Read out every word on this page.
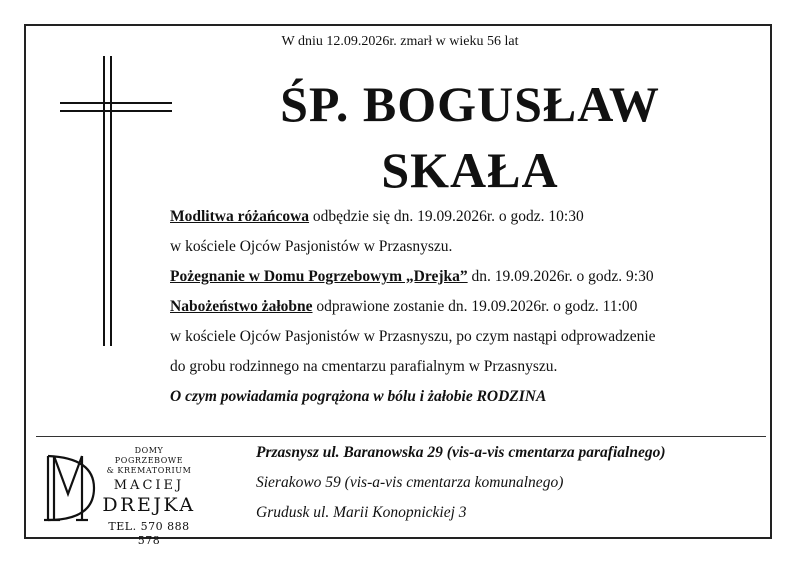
W dniu 12.09.2026r. zmarł w wieku 56 lat
ŚP. BOGUSŁAW
SKAŁA
Modlitwa różańcowa odbędzie się dn. 19.09.2026r. o godz. 10:30
w kościele Ojców Pasjonistów w Przasnyszu.
Pożegnanie w Domu Pogrzebowym „Drejka” dn. 19.09.2026r. o godz. 9:30
Nabożeństwo żałobne odprawione zostanie dn. 19.09.2026r. o godz. 11:00
w kościele Ojców Pasjonistów w Przasnyszu, po czym nastąpi odprowadzenie
do grobu rodzinnego na cmentarzu parafialnym w Przasnyszu.
O czym powiadamia pogrążona w bólu i żałobie RODZINA
DOMY POGRZEBOWE
& KREMATORIUM
MACIEJ
DREJKA
TEL. 570 888 578
Przasnysz ul. Baranowska 29 (vis-a-vis cmentarza parafialnego)
Sierakowo 59 (vis-a-vis cmentarza komunalnego)
Grudusk ul. Marii Konopnickiej 3
